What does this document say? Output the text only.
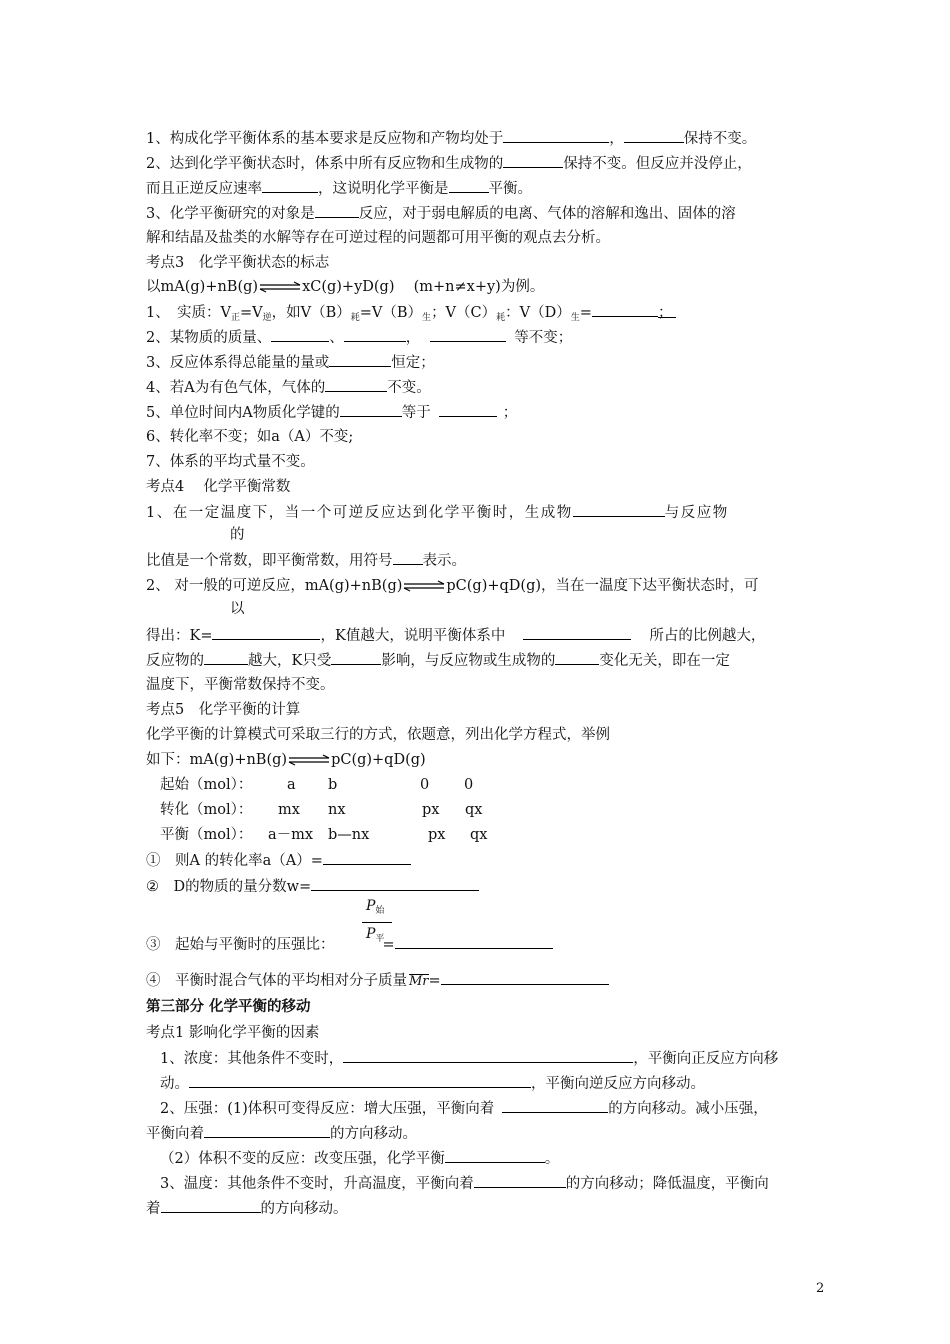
1、构成化学平衡体系的基本要求是反应物和产物均处于	，	保持不变。
2、达到化学平衡状态时，体系中所有反应物和生成物的	保持不变。但反应并没停止，
而且正逆反应速率	，这说明化学平衡是	平衡。
3、化学平衡研究的对象是	反应，对于弱电解质的电离、气体的溶解和逸出、固体的溶
解和结晶及盐类的水解等存在可逆过程的问题都可用平衡的观点去分析。
考点3　化学平衡状态的标志
以mA(g)+nB(g)⇌xC(g)+yD(g)　 (m+n≠x+y)为例。
1、　实质：$V_正=V_逆$，如$V(B)_耗=V(B)_生$；$V(C)_耗$：$V(D)_生=$	；
2、某物质的质量、	、	，	等不变；
3、反应体系得总能量的量或	恒定；
4、若A为有色气体，气体的	不变。
5、单位时间内A物质化学键的	等于	；
6、转化率不变；如a（A）不变;
7、体系的平均式量不变。
考点4　 化学平衡常数
1、在一定温度下，当一个可逆反应达到化学平衡时，生成物	与反应物
的
比值是一个常数，即平衡常数，用符号 表示。
2、 对一般的可逆反应，mA(g)+nB(g)⇌pC(g)+qD(g)，当在一温度下达平衡状态时，可
以
得出：K=	，K值越大，说明平衡体系中	所占的比例越大，
反应物的	越大，K只受	影响，与反应物或生成物的	变化无关，即在一定
温度下，平衡常数保持不变。
考点5　化学平衡的计算
化学平衡的计算模式可采取三行的方式，依题意，列出化学方程式，举例
如下：mA(g)+nB(g)⇌pC(g)+qD(g)
起始（mol）： a b	0 0
转化（mol）： mx nx	px qx
平衡（mol）： a－mx b—nx	px qx
①　则A 的转化率a（A）=
②　D的物质的量分数w=
$P_始$
$P_平$
③　起始与平衡时的压强比：	=
④　平衡时混合气体的平均相对分子质量 Mr=
第三部分 化学平衡的移动
考点1 影响化学平衡的因素
1、浓度：其他条件不变时，	，平衡向正反应方向移
动。	，平衡向逆反应方向移动。
2、压强：(1)体积可变得反应：增大压强，平衡向着	的方向移动。减小压强，
平衡向着	的方向移动。
（2）体积不变的反应：改变压强，化学平衡	。
3、温度：其他条件不变时，升高温度，平衡向着	的方向移动；降低温度，平衡向
着	的方向移动。
2
